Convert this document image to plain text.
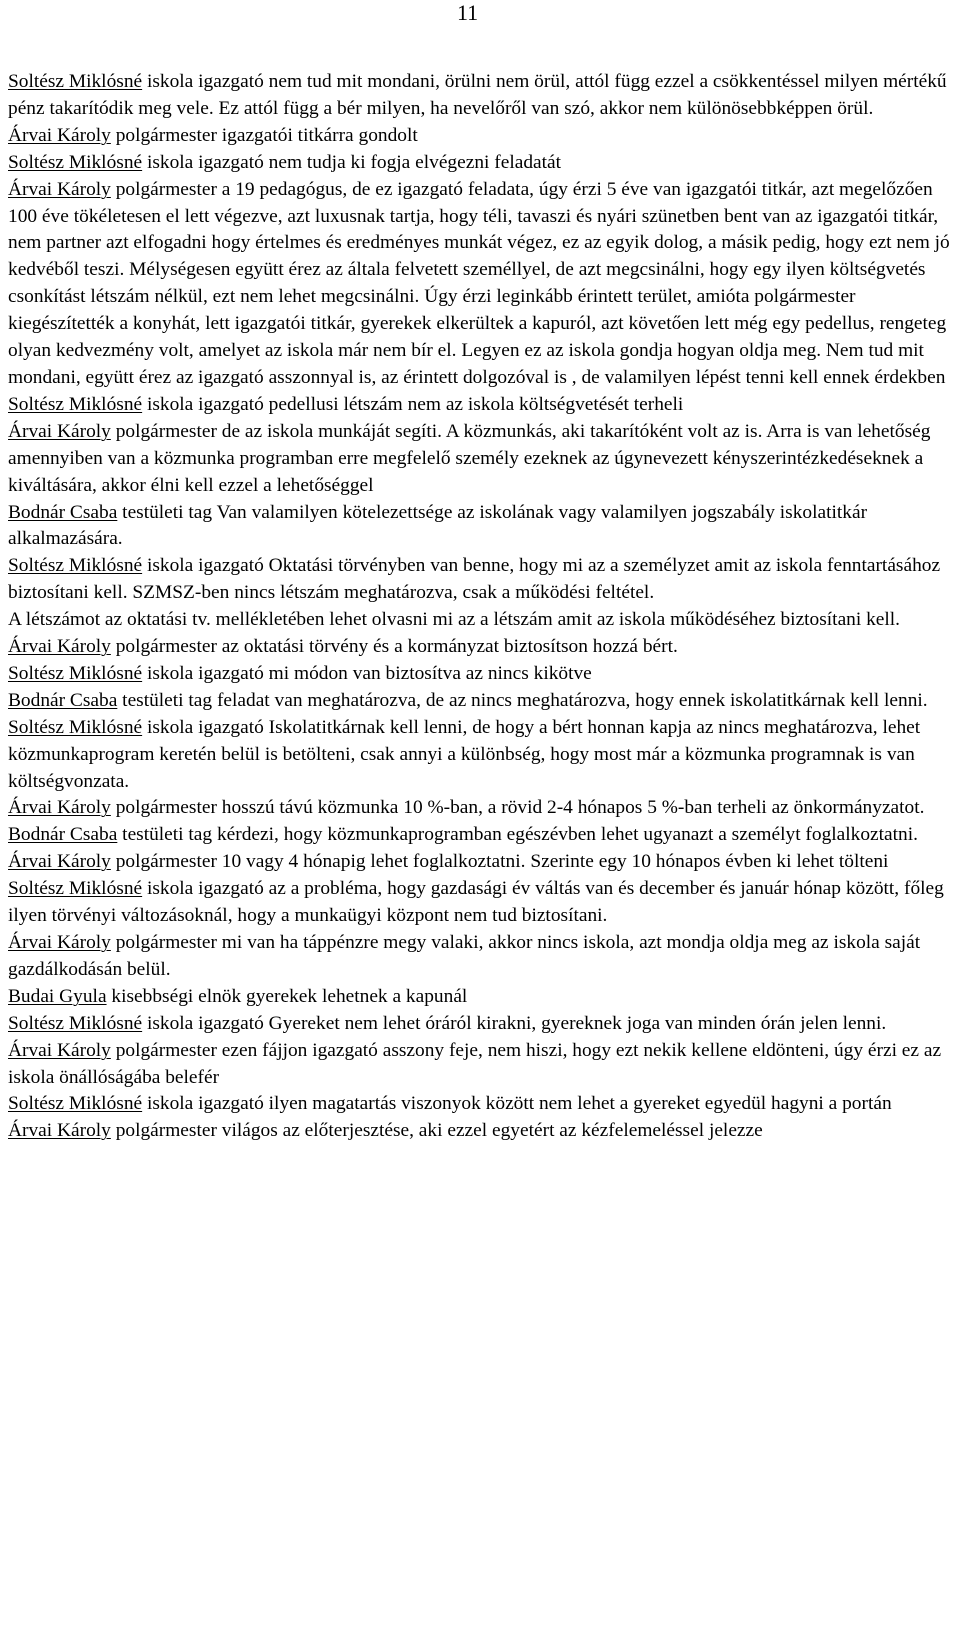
11

Soltész Miklósné iskola igazgató nem tud mit mondani, örülni nem örül, attól függ ezzel a csökkentéssel milyen mértékű pénz takarítódik meg vele. Ez attól függ a bér milyen, ha nevelőről van szó, akkor nem különösebbképpen örül.

Árvai Károly polgármester igazgatói titkárra gondolt

Soltész Miklósné iskola igazgató nem tudja ki fogja elvégezni feladatát

Árvai Károly polgármester a 19 pedagógus, de ez igazgató feladata, úgy érzi 5 éve van igazgatói titkár, azt megelőzően 100 éve tökéletesen el lett végezve, azt luxusnak tartja, hogy téli, tavaszi és nyári szünetben bent van az igazgatói titkár, nem partner azt elfogadni hogy értelmes és eredményes munkát végez, ez az egyik dolog, a másik pedig, hogy ezt nem jó kedvéből teszi. Mélységesen együtt érez az általa felvetett személlyel, de azt megcsinálni, hogy egy ilyen költségvetés csonkítást létszám nélkül, ezt nem lehet megcsinálni. Úgy érzi leginkább érintett terület, amióta polgármester kiegészítették a konyhát, lett igazgatói titkár, gyerekek elkerültek a kapuról, azt követően lett még egy pedellus, rengeteg olyan kedvezmény volt, amelyet az iskola már nem bír el. Legyen ez az iskola gondja hogyan oldja meg. Nem tud mit mondani, együtt érez az igazgató asszonnyal is, az érintett dolgozóval is , de valamilyen lépést tenni kell ennek érdekben

Soltész Miklósné iskola igazgató pedellusi létszám nem az iskola költségvetését terheli

Árvai Károly polgármester de az iskola munkáját segíti. A közmunkás, aki takarítóként volt az is. Arra is van lehetőség amennyiben van a közmunka programban erre megfelelő személy ezeknek az úgynevezett kényszerintézkedéseknek a kiváltására, akkor élni kell ezzel a lehetőséggel

Bodnár Csaba testületi tag Van valamilyen kötelezettsége az iskolának vagy valamilyen jogszabály iskolatitkár alkalmazására.

Soltész Miklósné iskola igazgató Oktatási törvényben van benne, hogy mi az a személyzet amit az iskola fenntartásához biztosítani kell. SZMSZ-ben nincs létszám meghatározva, csak a működési feltétel.

A létszámot az oktatási tv. mellékletében lehet olvasni mi az a létszám amit az iskola működéséhez biztosítani kell.

Árvai Károly polgármester az oktatási törvény és a kormányzat biztosítson hozzá bért.

Soltész Miklósné iskola igazgató mi módon van biztosítva az nincs kikötve

Bodnár Csaba testületi tag feladat van meghatározva, de az nincs meghatározva, hogy ennek iskolatitkárnak kell lenni.

Soltész Miklósné iskola igazgató Iskolatitkárnak kell lenni, de hogy a bért honnan kapja az nincs meghatározva, lehet közmunkaprogram keretén belül is betölteni, csak annyi a különbség, hogy most már a közmunka programnak is van költségvonzata.

Árvai Károly polgármester hosszú távú közmunka 10 %-ban, a rövid 2-4 hónapos 5 %-ban terheli az önkormányzatot.

Bodnár Csaba testületi tag kérdezi, hogy közmunkaprogramban egészévben lehet ugyanazt a személyt foglalkoztatni.

Árvai Károly polgármester 10 vagy 4 hónapig lehet foglalkoztatni. Szerinte egy 10 hónapos évben ki lehet tölteni

Soltész Miklósné iskola igazgató az a probléma, hogy gazdasági év váltás van és december és január hónap között, főleg ilyen törvényi változásoknál, hogy a munkaügyi központ nem tud biztosítani.

Árvai Károly polgármester mi van ha táppénzre megy valaki, akkor nincs iskola, azt mondja oldja meg az iskola saját gazdálkodásán belül.

Budai Gyula kisebbségi elnök gyerekek lehetnek a kapunál

Soltész Miklósné iskola igazgató Gyereket nem lehet óráról kirakni, gyereknek joga van minden órán jelen lenni.

Árvai Károly polgármester ezen fájjon igazgató asszony feje, nem hiszi, hogy ezt nekik kellene eldönteni, úgy érzi ez az iskola önállóságába belefér

Soltész Miklósné iskola igazgató ilyen magatartás viszonyok között nem lehet a gyereket egyedül hagyni a portán

Árvai Károly polgármester világos az előterjesztése, aki ezzel egyetért az kézfelemeléssel jelezze
